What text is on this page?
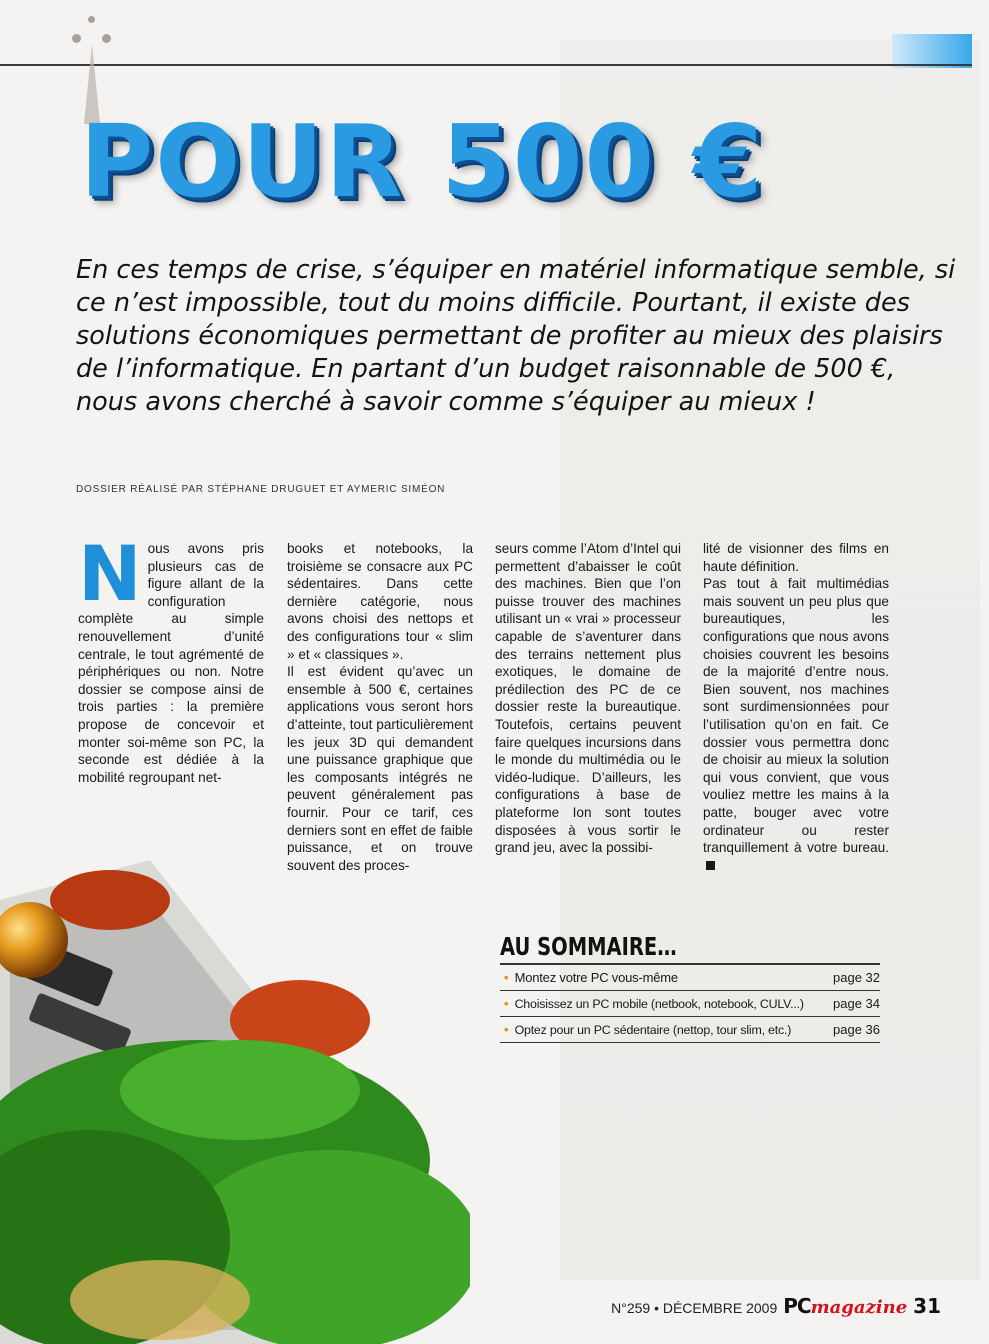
POUR 500 €

En ces temps de crise, s’équiper en matériel informatique semble, si ce n’est impossible, tout du moins difficile. Pourtant, il existe des solutions économiques permettant de profiter au mieux des plaisirs de l’informatique. En partant d’un budget raisonnable de 500 €, nous avons cherché à savoir comme s’équiper au mieux !

DOSSIER RÉALISÉ PAR STÉPHANE DRUGUET ET AYMERIC SIMÉON
N ous avons pris plusieurs cas de figure allant de la configuration complète au simple renouvellement d’unité centrale, le tout agrémenté de périphériques ou non. Notre dossier se compose ainsi de trois parties : la première propose de concevoir et monter soi-même son PC, la seconde est dédiée à la mobilité regroupant net-

books et notebooks, la troisième se consacre aux PC sédentaires. Dans cette dernière catégorie, nous avons choisi des nettops et des configurations tour « slim » et « classiques ».

Il est évident qu’avec un ensemble à 500 €, certaines applications vous seront hors d’atteinte, tout particulièrement les jeux 3D qui demandent une puissance graphique que les composants intégrés ne peuvent généralement pas fournir. Pour ce tarif, ces derniers sont en effet de faible puissance, et on trouve souvent des proces-

seurs comme l’Atom d’Intel qui permettent d’abaisser le coût des machines. Bien que l’on puisse trouver des machines utilisant un « vrai » processeur capable de s’aventurer dans des terrains nettement plus exotiques, le domaine de prédilection des PC de ce dossier reste la bureautique. Toutefois, certains peuvent faire quelques incursions dans le monde du multimédia ou le vidéo-ludique. D’ailleurs, les configurations à base de plateforme Ion sont toutes disposées à vous sortir le grand jeu, avec la possibi-

lité de visionner des films en haute définition.

Pas tout à fait multimédias mais souvent un peu plus que bureautiques, les configurations que nous avons choisies couvrent les besoins de la majorité d’entre nous. Bien souvent, nos machines sont surdimensionnées pour l’utilisation qu’on en fait. Ce dossier vous permettra donc de choisir au mieux la solution qui vous convient, que vous vouliez mettre les mains à la patte, bouger avec votre ordinateur ou rester tranquillement à votre bureau.

AU SOMMAIRE…
• Montez votre PC vous-même	page 32
• Choisissez un PC mobile (netbook, notebook, CULV...)	page 34
• Optez pour un PC sédentaire (nettop, tour slim, etc.)	page 36
N°259 • DÉCEMBRE 2009 PCmagazine 31
